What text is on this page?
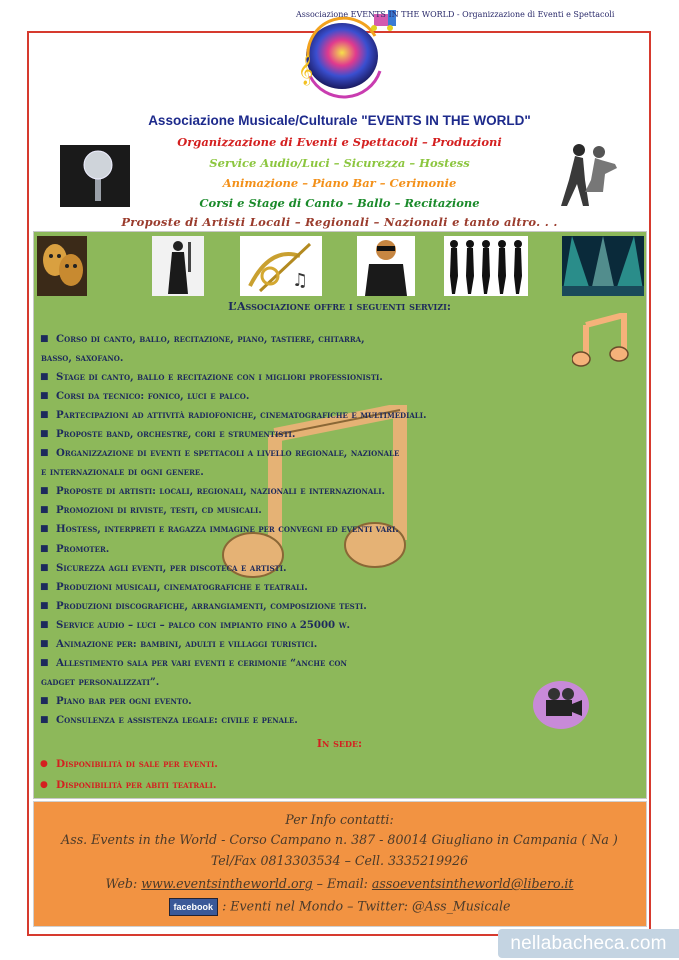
𝄞
Associazione EVENTS IN THE WORLD - Organizzazione di Eventi e Spettacoli
Associazione Musicale/Culturale "EVENTS IN THE WORLD"
Organizzazione di Eventi e Spettacoli – Produzioni
Service Audio/Luci – Sicurezza – Hostess
Animazione – Piano Bar – Cerimonie
Corsi e Stage di Canto – Ballo – Recitazione
Proposte di Artisti Locali – Regionali – Nazionali e tanto altro. . .
♫
L’Associazione offre i seguenti servizi:
■ Corso di canto, ballo, recitazione, piano, tastiere, chitarra,
basso, saxofano.
■ Stage di canto, ballo e recitazione con i migliori professionisti.
■ Corsi da tecnico: fonico, luci e palco.
■ Partecipazioni ad attività radiofoniche, cinematografiche e multimediali.
■ Proposte band, orchestre, cori e strumentisti.
■ Organizzazione di eventi e spettacoli a livello regionale, nazionale
e internazionale di ogni genere.
■ Proposte di artisti: locali, regionali, nazionali e internazionali.
■ Promozioni di riviste, testi, cd musicali.
■ Hostess, interpreti e ragazza immagine per convegni ed eventi vari.
■ Promoter.
■ Sicurezza agli eventi, per discoteca e artisti.
■ Produzioni musicali, cinematografiche e teatrali.
■ Produzioni discografiche, arrangiamenti, composizione testi.
■ Service audio – luci – palco con impianto fino a 25000 w.
■ Animazione per: bambini, adulti e villaggi turistici.
■ Allestimento sala per vari eventi e cerimonie “anche con
gadget personalizzati”.
■ Piano bar per ogni evento.
■ Consulenza e assistenza legale: civile e penale.
In sede:
● Disponibilità di sale per eventi.
● Disponibilità per abiti teatrali.
Per Info contatti:
Ass. Events in the World - Corso Campano n. 387 - 80014 Giugliano in Campania ( Na )
Tel/Fax 0813303534 – Cell. 3335219926
Web: www.eventsintheworld.org – Email: assoeventsintheworld@libero.it
facebook : Eventi nel Mondo – Twitter: @Ass_Musicale
nellabacheca.com
